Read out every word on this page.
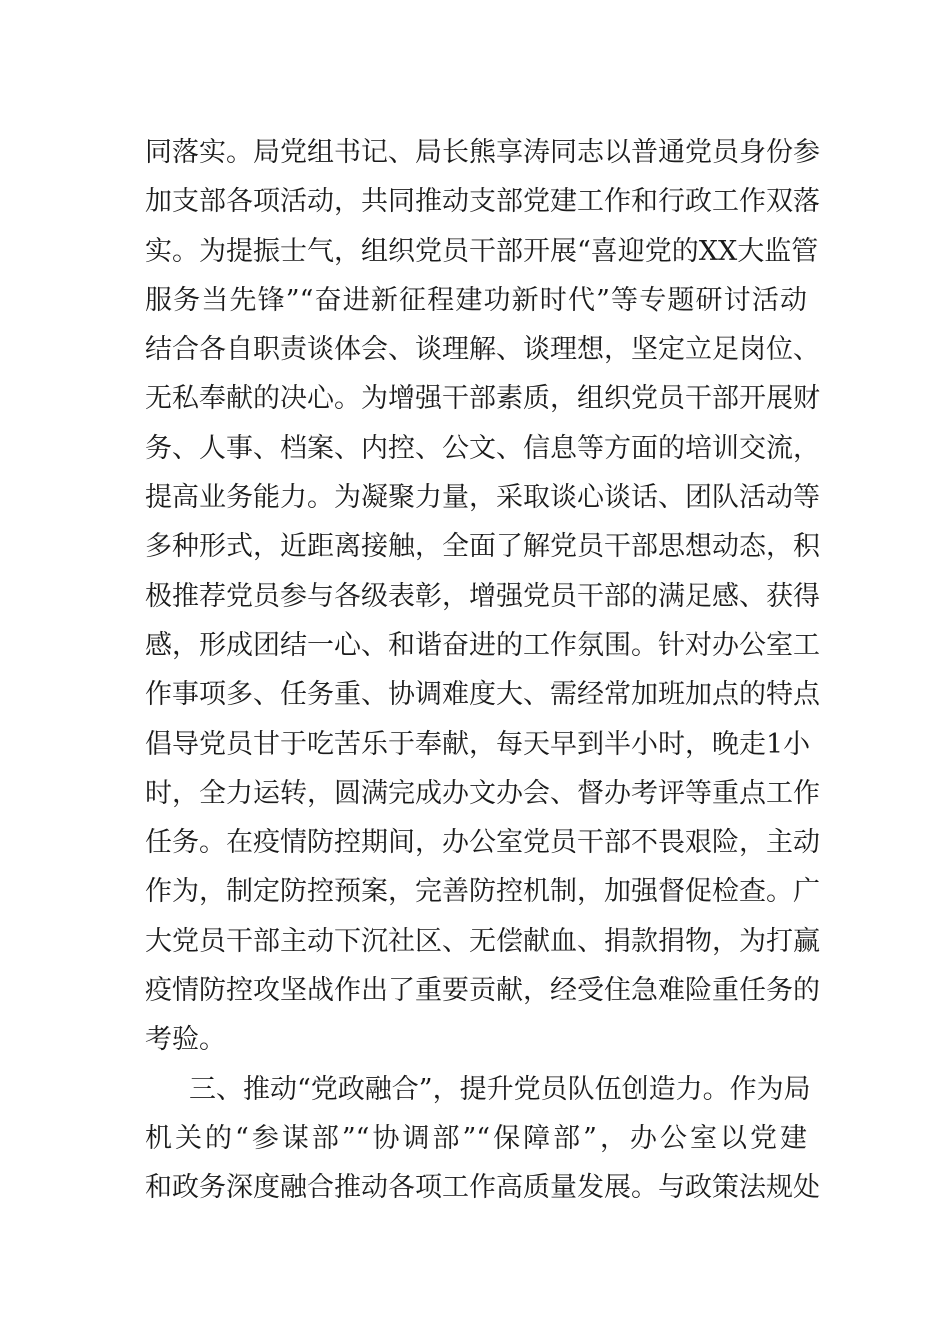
同落实。局党组书记、局长熊享涛同志以普通党员身份参
加支部各项活动，共同推动支部党建工作和行政工作双落
实。为提振士气，组织党员干部开展“喜迎党的XX大监管
服务当先锋”“奋进新征程建功新时代”等专题研讨活动
结合各自职责谈体会、谈理解、谈理想，坚定立足岗位、
无私奉献的决心。为增强干部素质，组织党员干部开展财
务、人事、档案、内控、公文、信息等方面的培训交流，
提高业务能力。为凝聚力量，采取谈心谈话、团队活动等
多种形式，近距离接触，全面了解党员干部思想动态，积
极推荐党员参与各级表彰，增强党员干部的满足感、获得
感，形成团结一心、和谐奋进的工作氛围。针对办公室工
作事项多、任务重、协调难度大、需经常加班加点的特点
倡导党员甘于吃苦乐于奉献，每天早到半小时，晚走1小
时，全力运转，圆满完成办文办会、督办考评等重点工作
任务。在疫情防控期间，办公室党员干部不畏艰险，主动
作为，制定防控预案，完善防控机制，加强督促检查。广
大党员干部主动下沉社区、无偿献血、捐款捐物，为打赢
疫情防控攻坚战作出了重要贡献，经受住急难险重任务的
考验。
三、推动“党政融合”，提升党员队伍创造力。作为局
机关的“参谋部”“协调部”“保障部”，办公室以党建
和政务深度融合推动各项工作高质量发展。与政策法规处
